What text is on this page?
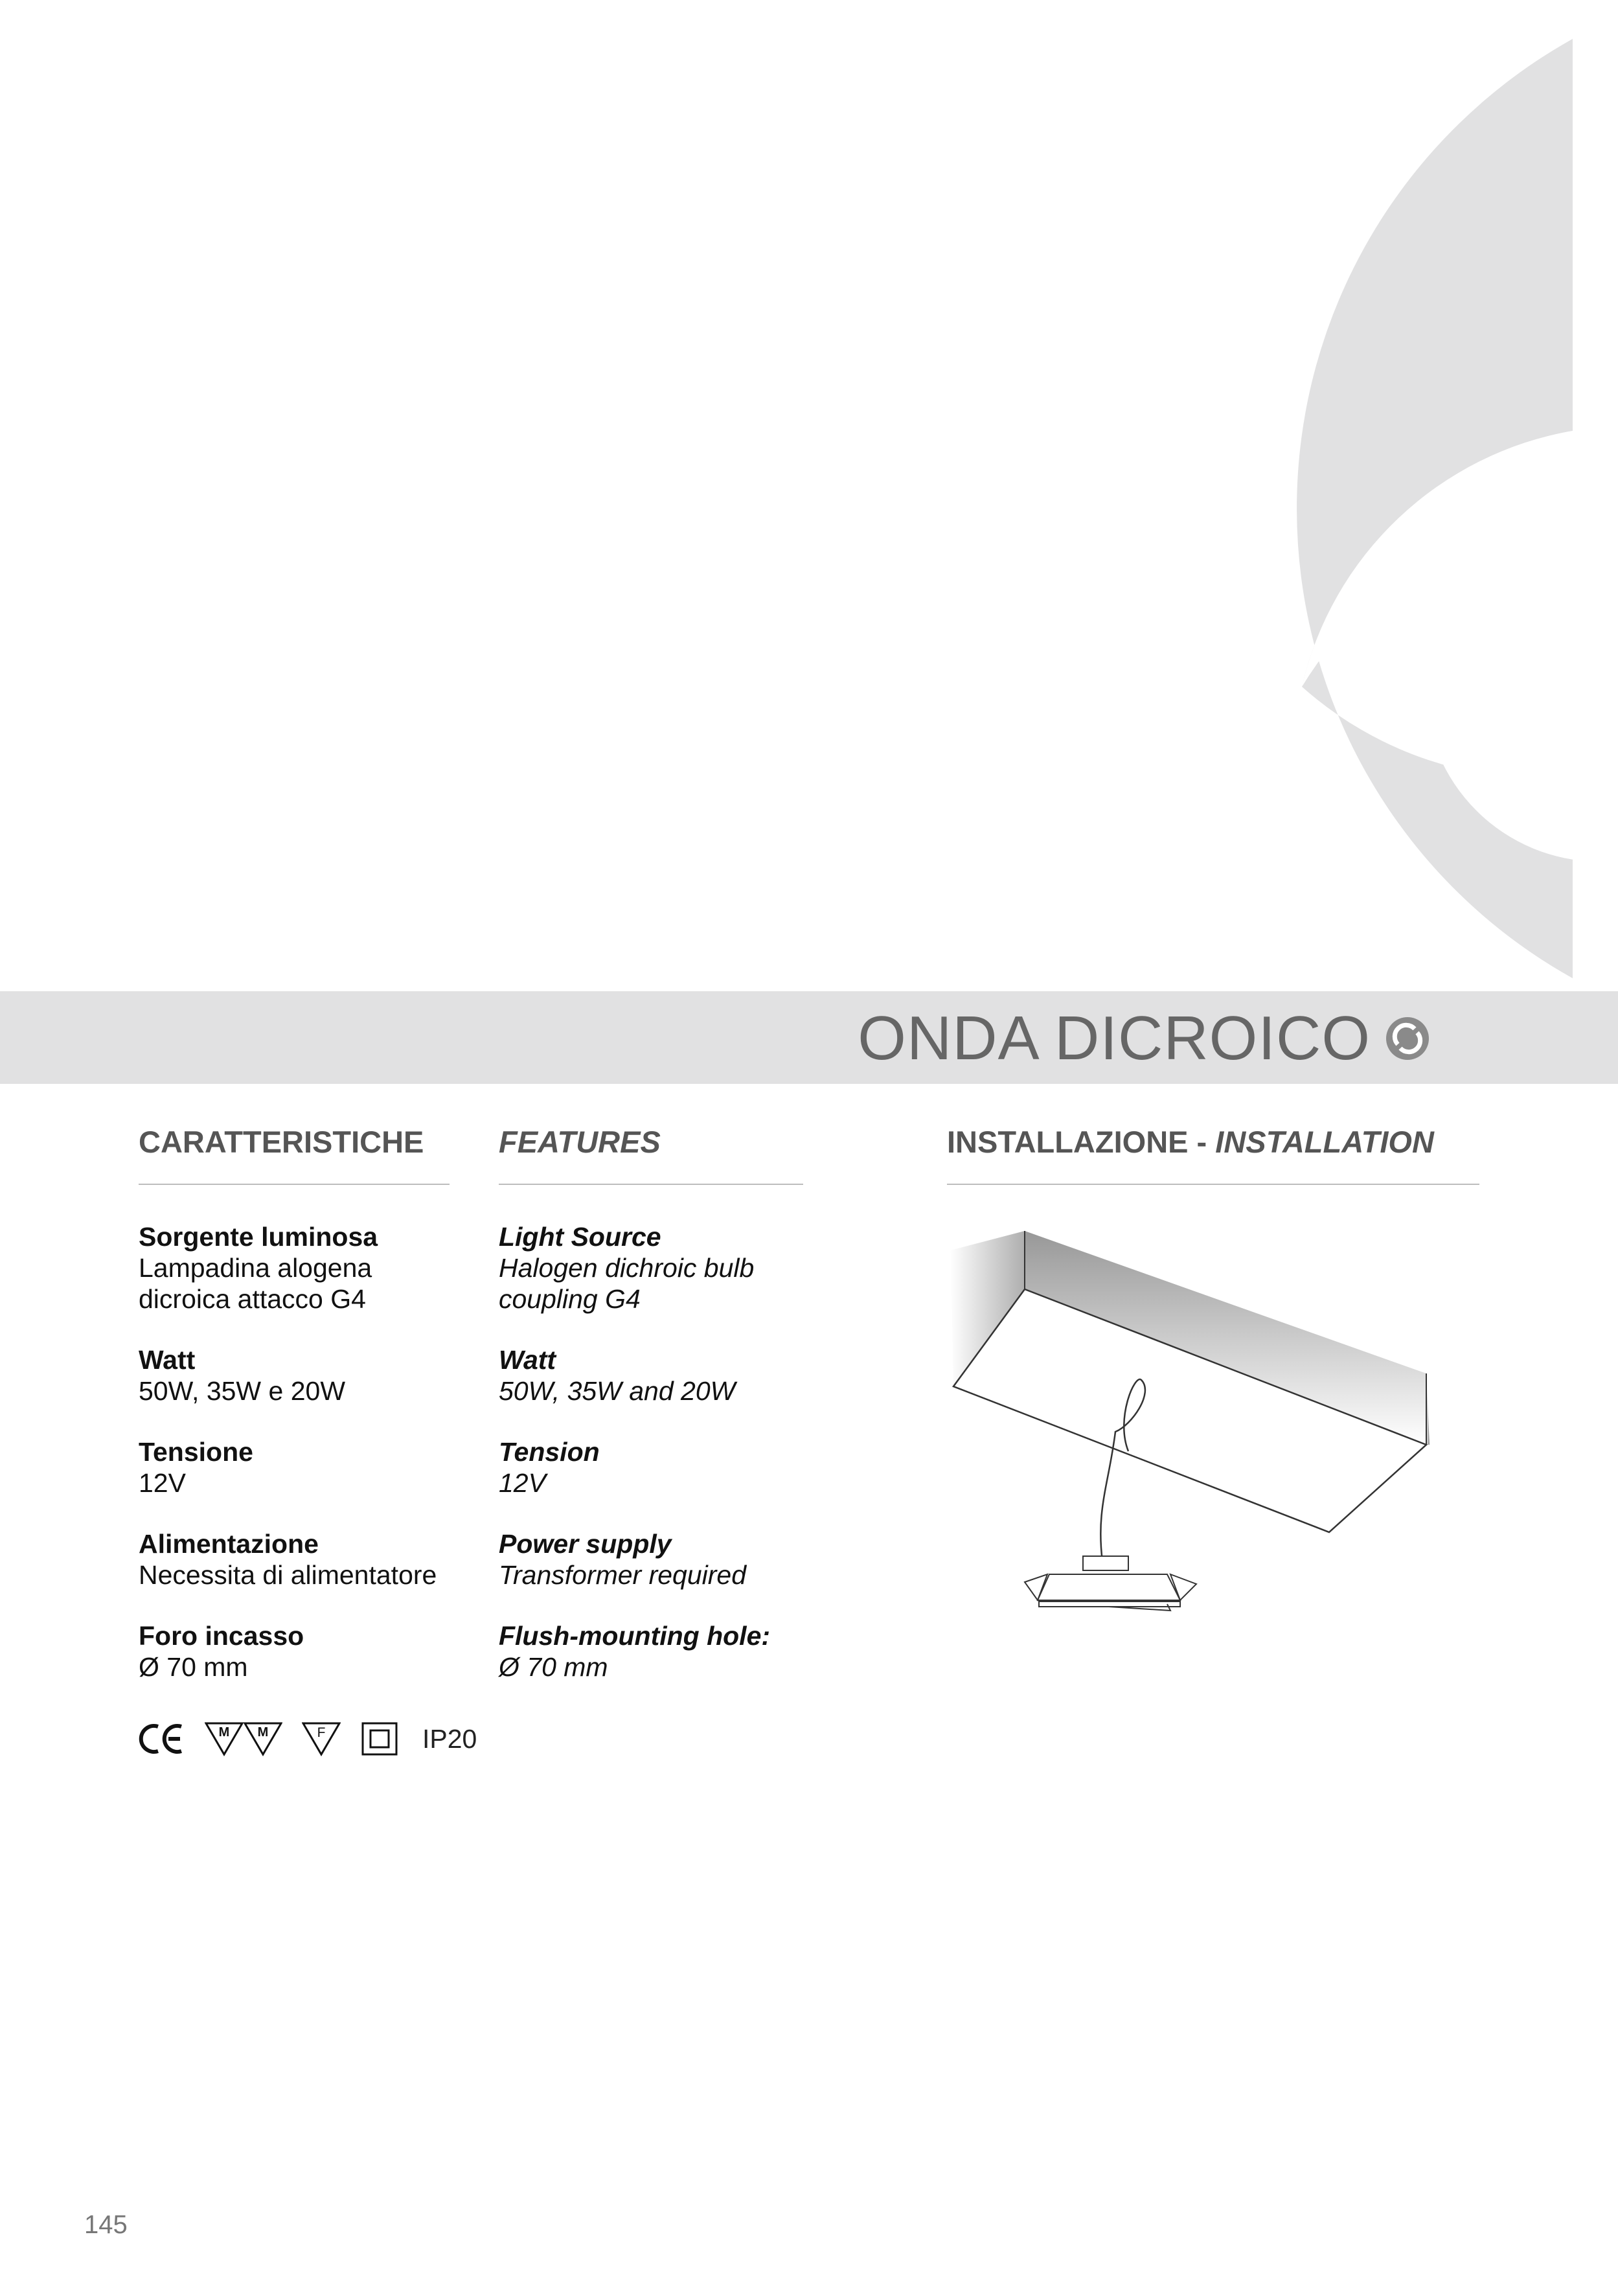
ONDA DICROICO
CARATTERISTICHE
Sorgente luminosa
Lampadina alogena
dicroica attacco G4
Watt
50W, 35W e 20W
Tensione
12V
Alimentazione
Necessita di alimentatore
Foro incasso
Ø 70 mm
FEATURES
Light Source
Halogen dichroic bulb
coupling G4
Watt
50W, 35W and 20W
Tension
12V
Power supply
Transformer required
Flush-mounting hole:
Ø 70 mm
INSTALLAZIONE - INSTALLATION
M M	F	IP20
145
